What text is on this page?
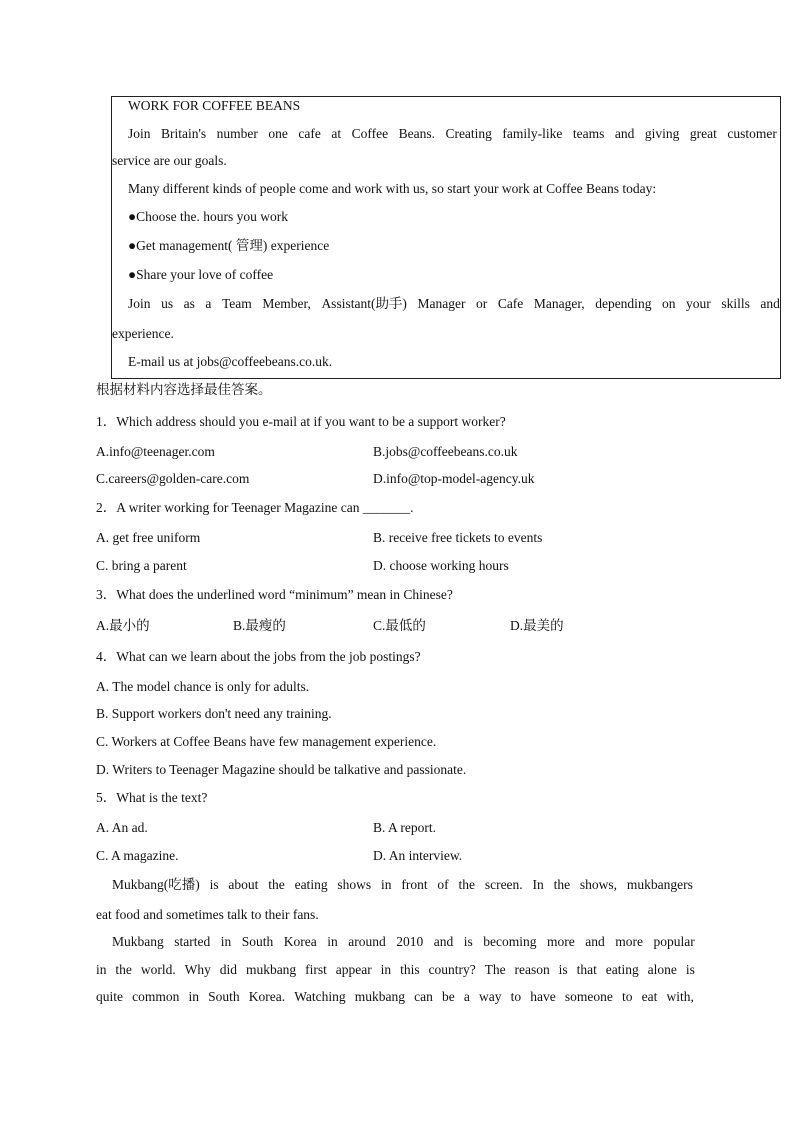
WORK FOR COFFEE BEANS
Join Britain's number one cafe at Coffee Beans. Creating family-like teams and giving great customer
service are our goals.
Many different kinds of people come and work with us, so start your work at Coffee Beans today:
●Choose the. hours you work
●Get management( 管理) experience
●Share your love of coffee
Join us as a Team Member, Assistant(助手) Manager or Cafe Manager, depending on your skills and
experience.
E-mail us at jobs@coffeebeans.co.uk.
根据材料内容选择最佳答案。
1．Which address should you e-mail at if you want to be a support worker?
A.info@teenager.com	B.jobs@coffeebeans.co.uk
C.careers@golden-care.com	D.info@top-model-agency.uk
2．A writer working for Teenager Magazine can _______.
A. get free uniform	B. receive free tickets to events
C. bring a parent	D. choose working hours
3．What does the underlined word “minimum” mean in Chinese?
A.最小的	B.最瘦的	C.最低的	D.最美的
4．What can we learn about the jobs from the job postings?
A. The model chance is only for adults.
B. Support workers don't need any training.
C. Workers at Coffee Beans have few management experience.
D. Writers to Teenager Magazine should be talkative and passionate.
5．What is the text?
A. An ad.	B. A report.
C. A magazine.	D. An interview.
Mukbang(吃播) is about the eating shows in front of the screen. In the shows, mukbangers
eat food and sometimes talk to their fans.
Mukbang started in South Korea in around 2010 and is becoming more and more popular
in the world. Why did mukbang first appear in this country? The reason is that eating alone is
quite common in South Korea. Watching mukbang can be a way to have someone to eat with,
